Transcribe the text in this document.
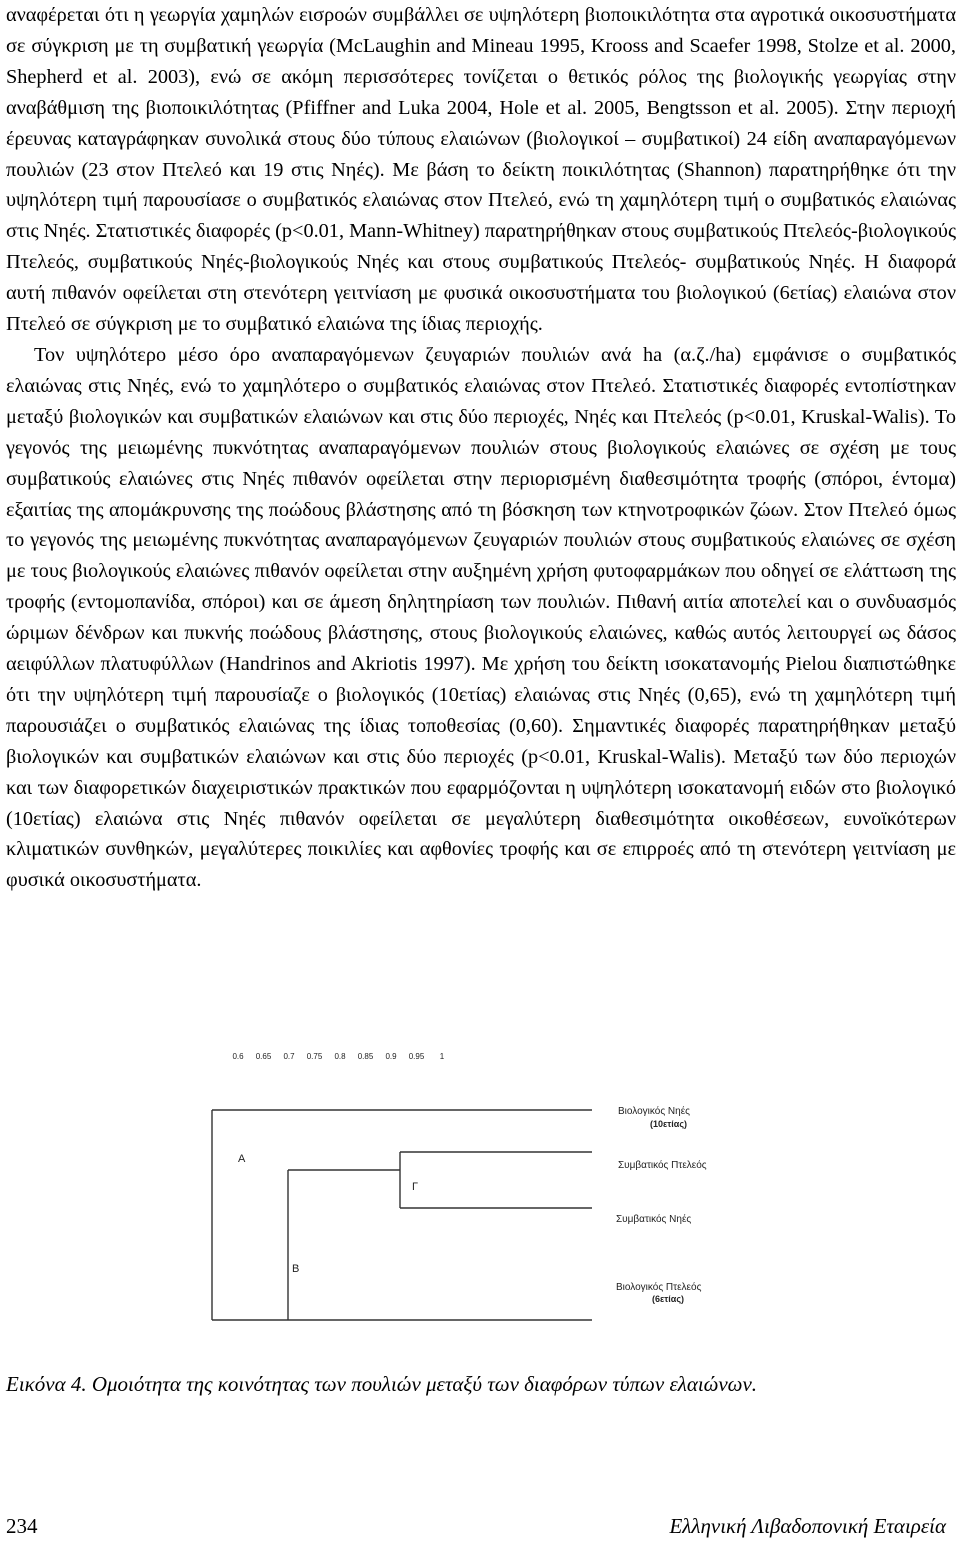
αναφέρεται ότι η γεωργία χαμηλών εισροών συμβάλλει σε υψηλότερη βιοποικιλότητα στα αγροτικά οικοσυστήματα σε σύγκριση με τη συμβατική γεωργία (McLaughin and Mineau 1995, Krooss and Scaefer 1998, Stolze et al. 2000, Shepherd et al. 2003), ενώ σε ακόμη περισσότερες τονίζεται ο θετικός ρόλος της βιολογικής γεωργίας στην αναβάθμιση της βιοποικιλότητας (Pfiffner and Luka 2004, Hole et al. 2005, Bengtsson et al. 2005). Στην περιοχή έρευνας καταγράφηκαν συνολικά στους δύο τύπους ελαιώνων (βιολογικοί – συμβατικοί) 24 είδη αναπαραγόμενων πουλιών (23 στον Πτελεό και 19 στις Νηές). Με βάση το δείκτη ποικιλότητας (Shannon) παρατηρήθηκε ότι την υψηλότερη τιμή παρουσίασε ο συμβατικός ελαιώνας στον Πτελεό, ενώ τη χαμηλότερη τιμή ο συμβατικός ελαιώνας στις Νηές. Στατιστικές διαφορές (p<0.01, Mann-Whitney) παρατηρήθηκαν στους συμβατικούς Πτελεός-βιολογικούς Πτελεός, συμβατικούς Νηές-βιολογικούς Νηές και στους συμβατικούς Πτελεός- συμβατικούς Νηές. Η διαφορά αυτή πιθανόν οφείλεται στη στενότερη γειτνίαση με φυσικά οικοσυστήματα του βιολογικού (6ετίας) ελαιώνα στον Πτελεό σε σύγκριση με το συμβατικό ελαιώνα της ίδιας περιοχής.

Τον υψηλότερο μέσο όρο αναπαραγόμενων ζευγαριών πουλιών ανά ha (α.ζ./ha) εμφάνισε ο συμβατικός ελαιώνας στις Νηές, ενώ το χαμηλότερο ο συμβατικός ελαιώνας στον Πτελεό. Στατιστικές διαφορές εντοπίστηκαν μεταξύ βιολογικών και συμβατικών ελαιώνων και στις δύο περιοχές, Νηές και Πτελεός (p<0.01, Kruskal-Walis). Το γεγονός της μειωμένης πυκνότητας αναπαραγόμενων πουλιών στους βιολογικούς ελαιώνες σε σχέση με τους συμβατικούς ελαιώνες στις Νηές πιθανόν οφείλεται στην περιορισμένη διαθεσιμότητα τροφής (σπόροι, έντομα) εξαιτίας της απομάκρυνσης της ποώδους βλάστησης από τη βόσκηση των κτηνοτροφικών ζώων. Στον Πτελεό όμως το γεγονός της μειωμένης πυκνότητας αναπαραγόμενων ζευγαριών πουλιών στους συμβατικούς ελαιώνες σε σχέση με τους βιολογικούς ελαιώνες πιθανόν οφείλεται στην αυξημένη χρήση φυτοφαρμάκων που οδηγεί σε ελάττωση της τροφής (εντομοπανίδα, σπόροι) και σε άμεση δηλητηρίαση των πουλιών. Πιθανή αιτία αποτελεί και ο συνδυασμός ώριμων δένδρων και πυκνής ποώδους βλάστησης, στους βιολογικούς ελαιώνες, καθώς αυτός λειτουργεί ως δάσος αειφύλλων πλατυφύλλων (Handrinos and Akriotis 1997). Με χρήση του δείκτη ισοκατανομής Pielou διαπιστώθηκε ότι την υψηλότερη τιμή παρουσίαζε ο βιολογικός (10ετίας) ελαιώνας στις Νηές (0,65), ενώ τη χαμηλότερη τιμή παρουσιάζει ο συμβατικός ελαιώνας της ίδιας τοποθεσίας (0,60). Σημαντικές διαφορές παρατηρήθηκαν μεταξύ βιολογικών και συμβατικών ελαιώνων και στις δύο περιοχές (p<0.01, Kruskal-Walis). Μεταξύ των δύο περιοχών και των διαφορετικών διαχειριστικών πρακτικών που εφαρμόζονται η υψηλότερη ισοκατανομή ειδών στο βιολογικό (10ετίας) ελαιώνα στις Νηές πιθανόν οφείλεται σε μεγαλύτερη διαθεσιμότητα οικοθέσεων, ευνοϊκότερων κλιματικών συνθηκών, μεγαλύτερες ποικιλίες και αφθονίες τροφής και σε επιρροές από τη στενότερη γειτνίαση με φυσικά οικοσυστήματα.

0.6 0.65 0.7 0.75 0.8 0.85 0.9 0.95 1
Α
Β
Γ
Βιολογικός Νηές
(10ετίας)
Συμβατικός Πτελεός
Συμβατικός Νηές
Βιολογικός Πτελεός
(6ετίας)
Εικόνα 4. Ομοιότητα της κοινότητας των πουλιών μεταξύ των διαφόρων τύπων ελαιώνων.
234	Ελληνική Λιβαδοπονική Εταιρεία
